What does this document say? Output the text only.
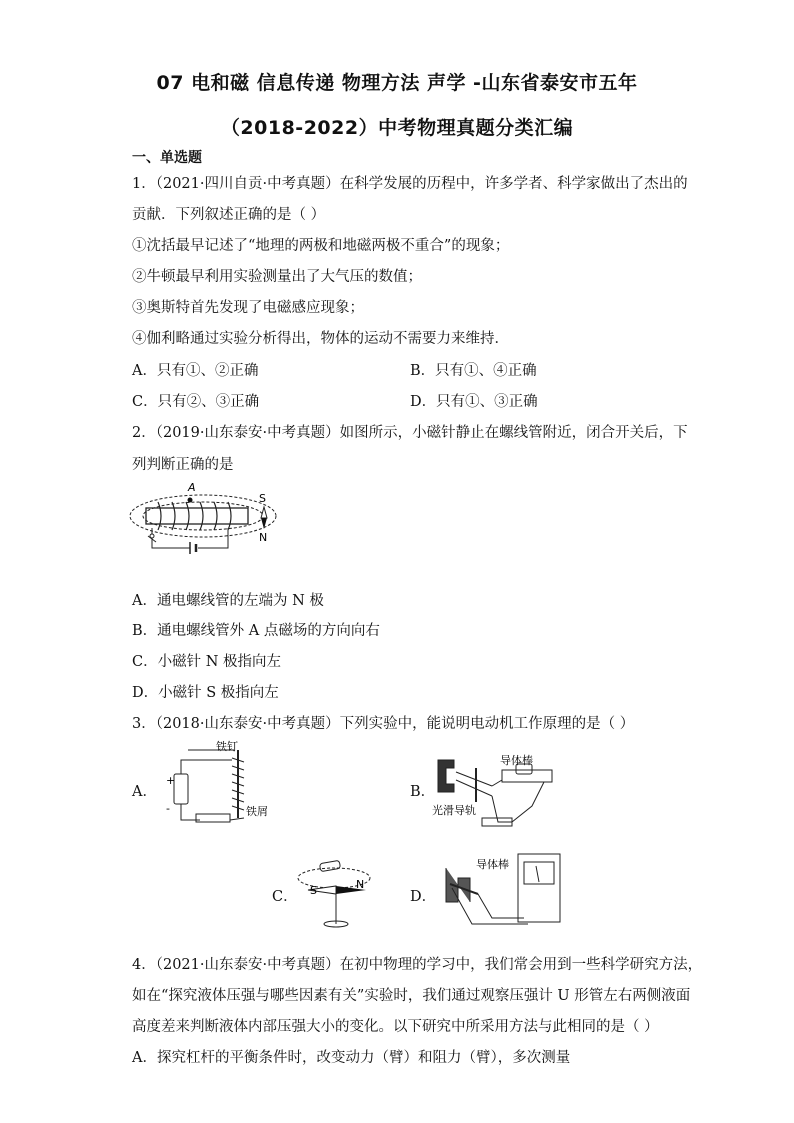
07 电和磁 信息传递 物理方法 声学 -山东省泰安市五年
（2018-2022）中考物理真题分类汇编
一、单选题
1．（2021·四川自贡·中考真题）在科学发展的历程中，许多学者、科学家做出了杰出的
贡献．下列叙述正确的是（ ）
①沈括最早记述了“地理的两极和地磁两极不重合”的现象；
②牛顿最早利用实验测量出了大气压的数值；
③奥斯特首先发现了电磁感应现象；
④伽利略通过实验分析得出，物体的运动不需要力来维持．
A．只有①、②正确	B．只有①、④正确
C．只有②、③正确	D．只有①、③正确
2．（2019·山东泰安·中考真题）如图所示，小磁针静止在螺线管附近，闭合开关后，下
列判断正确的是
A
S
N
A．通电螺线管的左端为 N 极
B．通电螺线管外 A 点磁场的方向向右
C．小磁针 N 极指向左
D．小磁针 S 极指向左
3．（2018·山东泰安·中考真题）下列实验中，能说明电动机工作原理的是（ ）
A．
+
-
铁钉
铁屑
B．
导体棒
光滑导轨
C． S	N
D．
导体棒
4．（2021·山东泰安·中考真题）在初中物理的学习中，我们常会用到一些科学研究方法，
如在“探究液体压强与哪些因素有关”实验时，我们通过观察压强计 U 形管左右两侧液面
高度差来判断液体内部压强大小的变化。以下研究中所采用方法与此相同的是（ ）
A．探究杠杆的平衡条件时，改变动力（臂）和阻力（臂），多次测量
